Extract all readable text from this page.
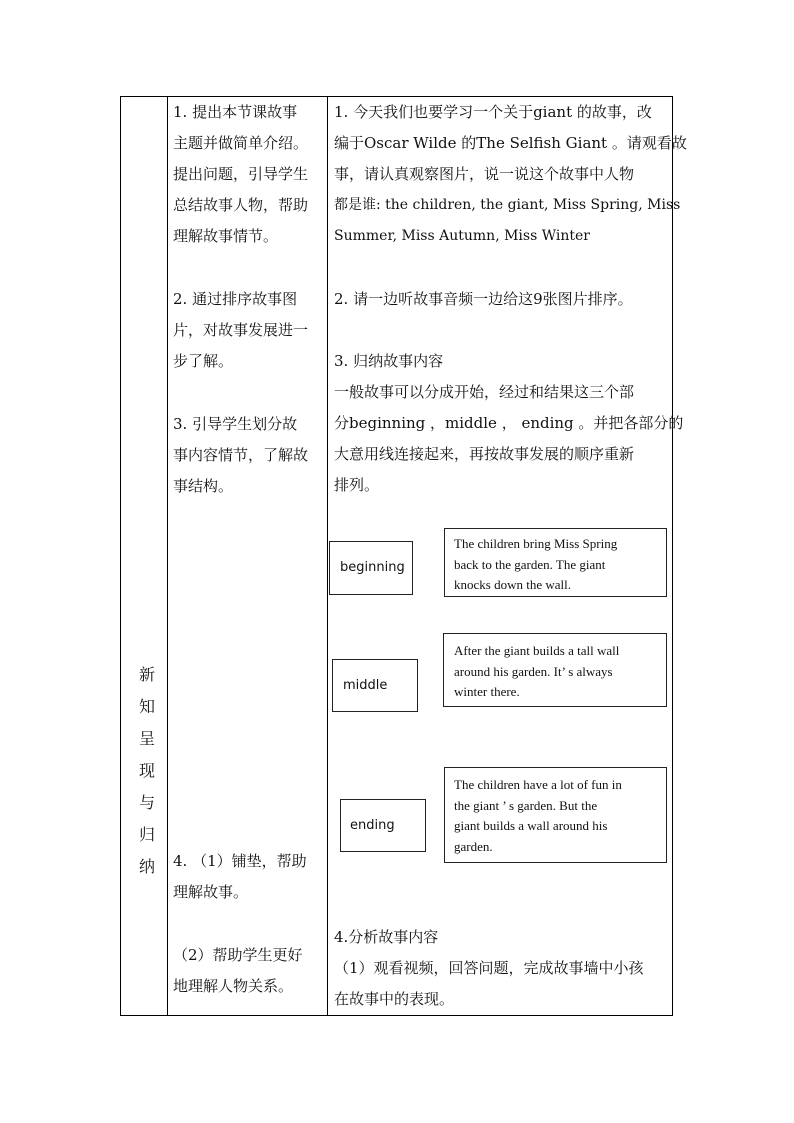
新
知
呈
现
与
归
纳
1. 提出本节课故事
主题并做简单介绍。
提出问题，引导学生
总结故事人物，帮助
理解故事情节。
2. 通过排序故事图
片，对故事发展进一
步了解。
3. 引导学生划分故
事内容情节，了解故
事结构。
4. （1）铺垫，帮助
理解故事。
（2）帮助学生更好
地理解人物关系。
1. 今天我们也要学习一个关于giant 的故事，改
编于Oscar Wilde 的The Selfish Giant 。请观看故
事，请认真观察图片，说一说这个故事中人物
都是谁: the children, the giant, Miss Spring, Miss
Summer, Miss Autumn, Miss Winter
2. 请一边听故事音频一边给这9张图片排序。
3. 归纳故事内容
一般故事可以分成开始，经过和结果这三个部
分beginning ，middle ， ending 。并把各部分的
大意用线连接起来，再按故事发展的顺序重新
排列。
beginning
middle
ending
The children bring Miss Spring
back to the garden. The giant
knocks down the wall.
After the giant builds a tall wall
around his garden. It’ s always
winter there.
The children have a lot of fun in
the giant ’ s garden. But the
giant builds a wall around his
garden.
4.分析故事内容
（1）观看视频，回答问题，完成故事墙中小孩
在故事中的表现。
